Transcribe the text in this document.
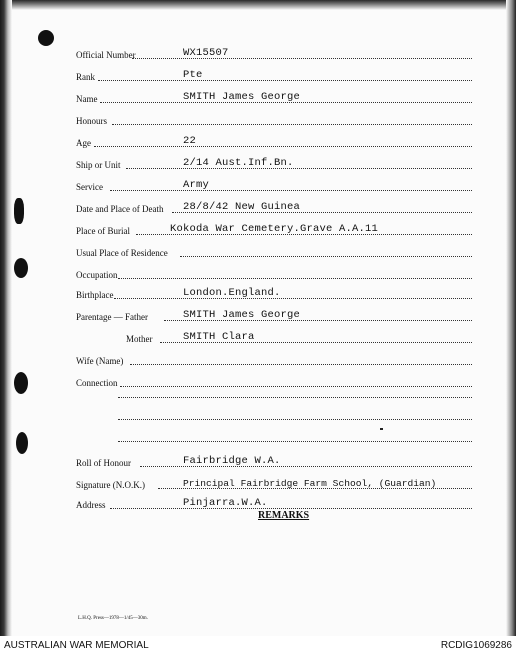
Official Number	WX15507
Rank	Pte
Name	SMITH James George
Honours
Age	22
Ship or Unit	2/14 Aust.Inf.Bn.
Service	Army
Date and Place of Death 28/8/42 New Guinea
Place of Burial	Kokoda War Cemetery.Grave A.A.11
Usual Place of Residence
Occupation
Birthplace	London.England.
Parentage — Father	SMITH James George
Mother	SMITH Clara
Wife (Name)
Connection
Roll of Honour	Fairbridge W.A.
Signature (N.O.K.)	Principal Fairbridge Farm School, (Guardian)
Address	Pinjarra.W.A.
REMARKS
L.H.Q. Press—1978—1/45—30m.
AUSTRALIAN WAR MEMORIAL	RCDIG1069286
